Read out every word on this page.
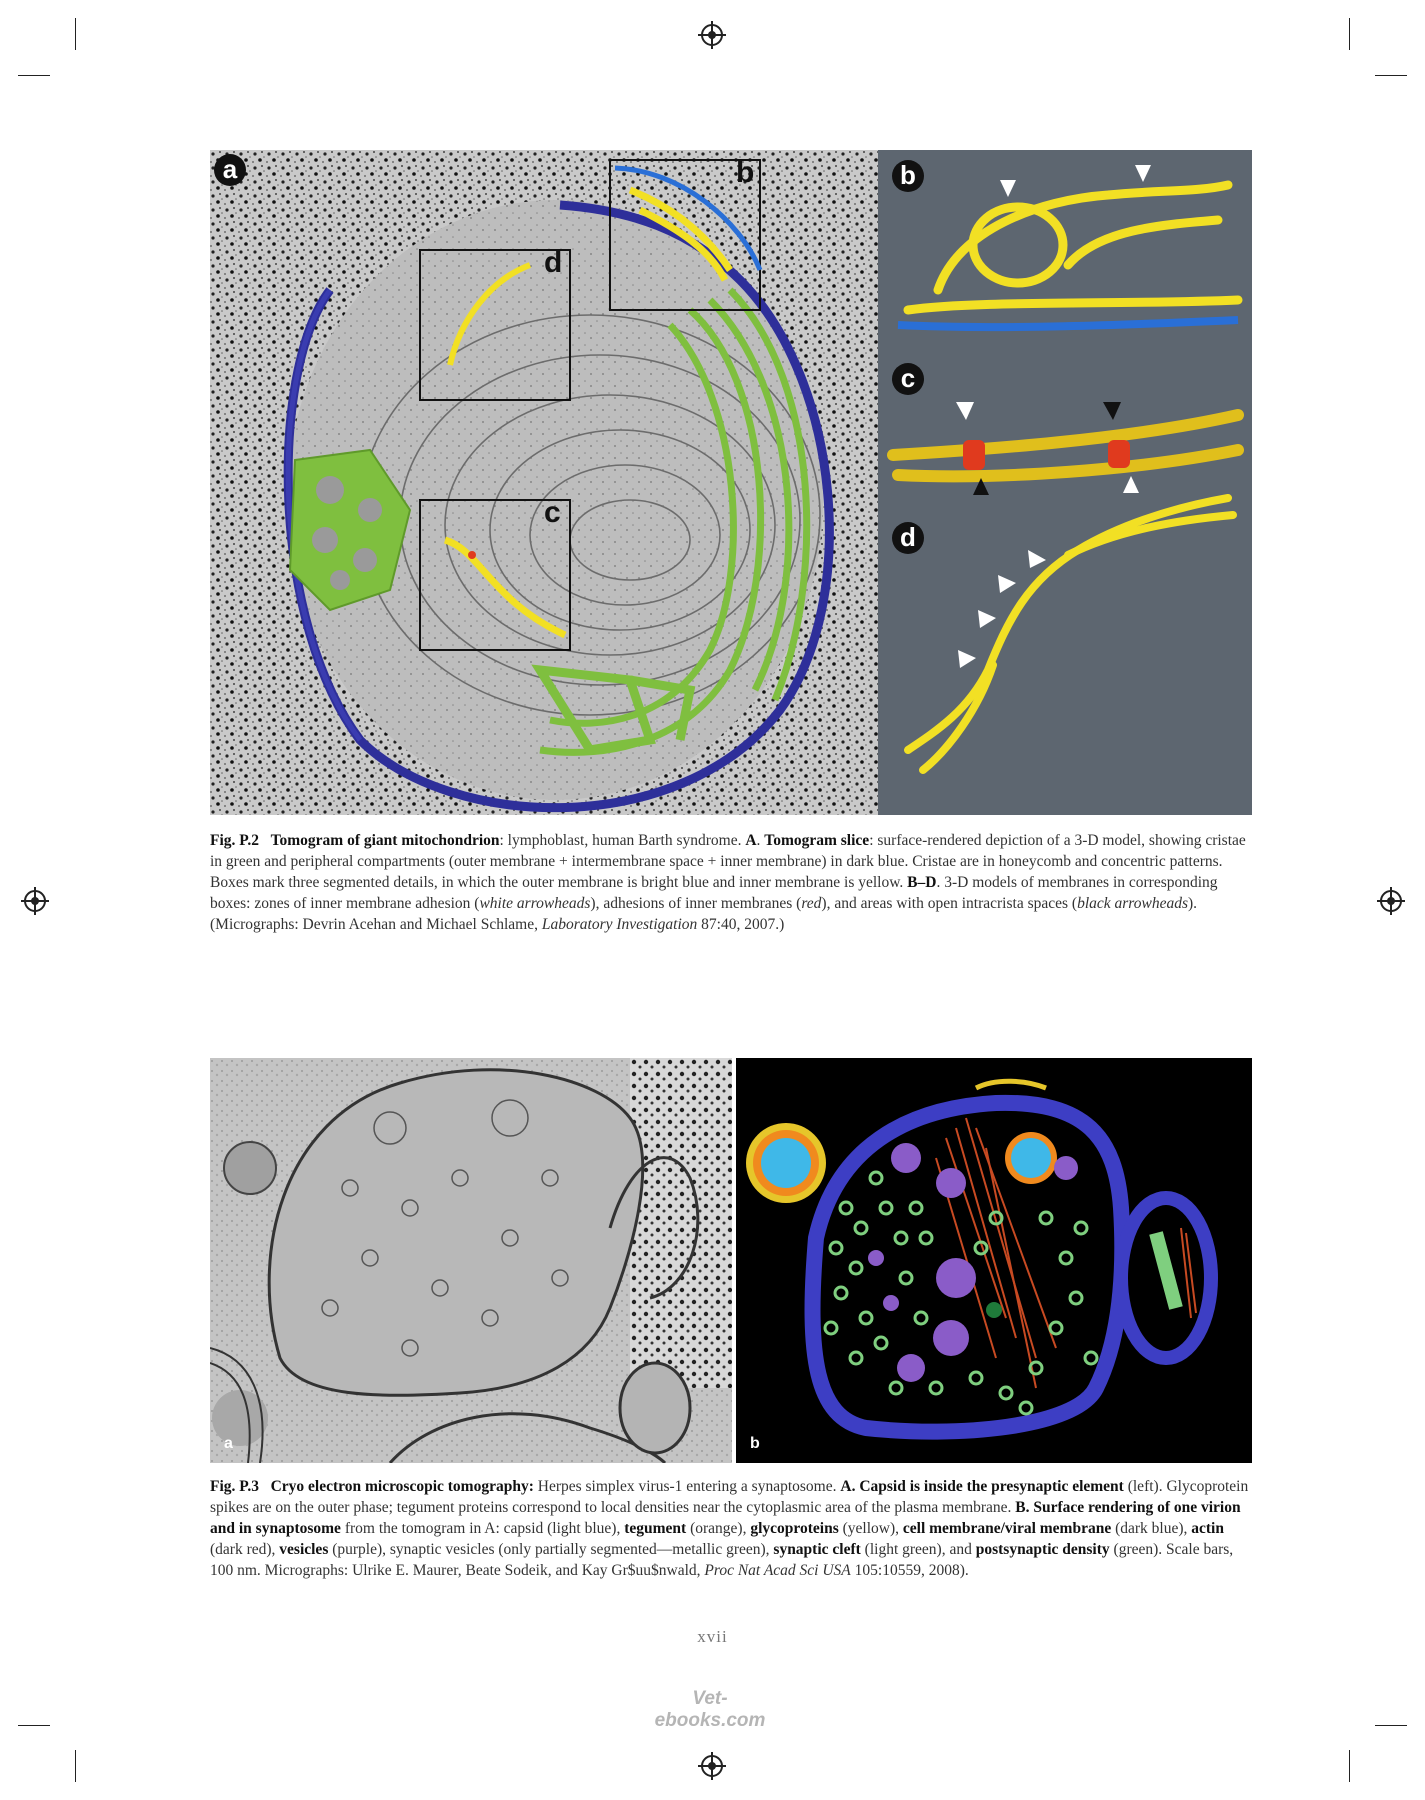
a	b
d
c
b
c
d
Fig. P.2 Tomogram of giant mitochondrion: lymphoblast, human Barth syndrome. A. Tomogram slice: surface-rendered depiction of a 3-D model, showing cristae in green and peripheral compartments (outer membrane + intermembrane space + inner membrane) in dark blue. Cristae are in honeycomb and concentric patterns. Boxes mark three segmented details, in which the outer membrane is bright blue and inner membrane is yellow. B–D. 3-D models of membranes in corresponding boxes: zones of inner membrane adhesion (white arrowheads), adhesions of inner membranes (red), and areas with open intracrista spaces (black arrowheads). (Micrographs: Devrin Acehan and Michael Schlame, Laboratory Investigation 87:40, 2007.)
a	b
Fig. P.3 Cryo electron microscopic tomography: Herpes simplex virus-1 entering a synaptosome. A. Capsid is inside the presynaptic element (left). Glycoprotein spikes are on the outer phase; tegument proteins correspond to local densities near the cytoplasmic area of the plasma membrane. B. Surface rendering of one virion and in synaptosome from the tomogram in A: capsid (light blue), tegument (orange), glycoproteins (yellow), cell membrane/viral membrane (dark blue), actin (dark red), vesicles (purple), synaptic vesicles (only partially segmented—metallic green), synaptic cleft (light green), and postsynaptic density (green). Scale bars, 100 nm. Micrographs: Ulrike E. Maurer, Beate Sodeik, and Kay Gr$uu$nwald, Proc Nat Acad Sci USA 105:10559, 2008).
xvii
Vet-ebooks.com
